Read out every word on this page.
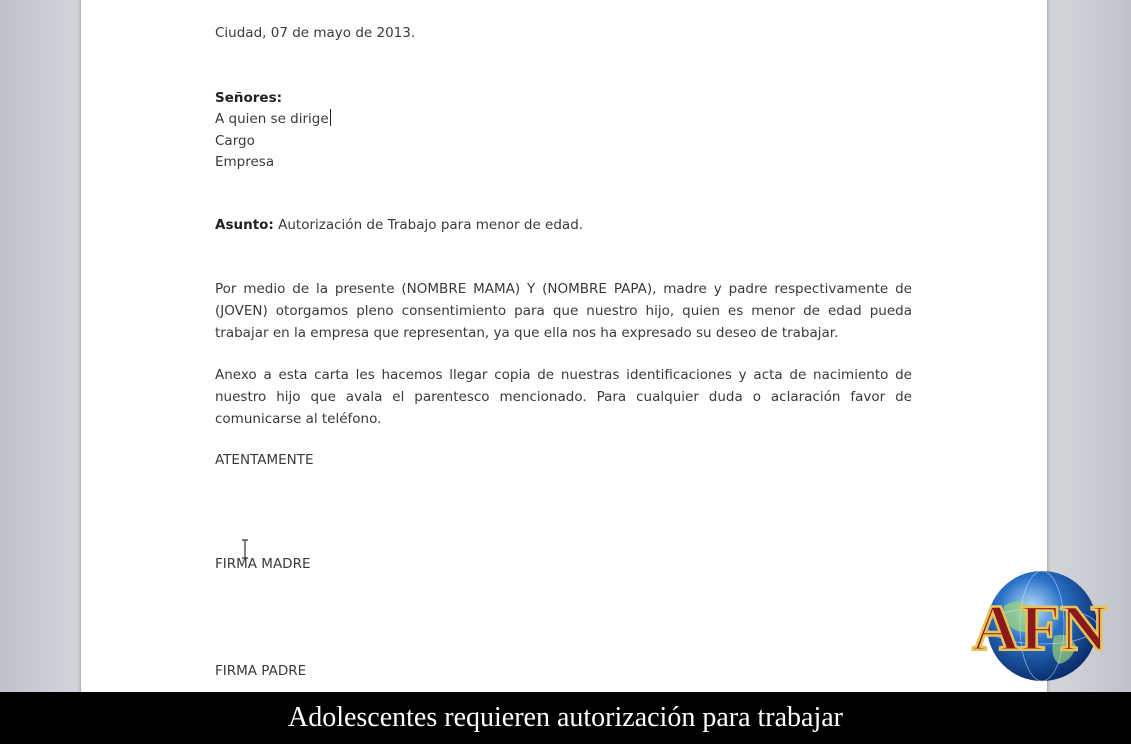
Ciudad, 07 de mayo de 2013.
Señores:
A quien se dirige
Cargo
Empresa
Asunto: Autorización de Trabajo para menor de edad.
Por medio de la presente (NOMBRE MAMA) Y (NOMBRE PAPA), madre y padre respectivamente de (JOVEN) otorgamos pleno consentimiento para que nuestro hijo, quien es menor de edad pueda trabajar en la empresa que representan, ya que ella nos ha expresado su deseo de trabajar.
Anexo a esta carta les hacemos llegar copia de nuestras identificaciones y acta de nacimiento de nuestro hijo que avala el parentesco mencionado. Para cualquier duda o aclaración favor de comunicarse al teléfono.
ATENTAMENTE
FIRMA MADRE
FIRMA PADRE
AFN
Adolescentes requieren autorización para trabajar
